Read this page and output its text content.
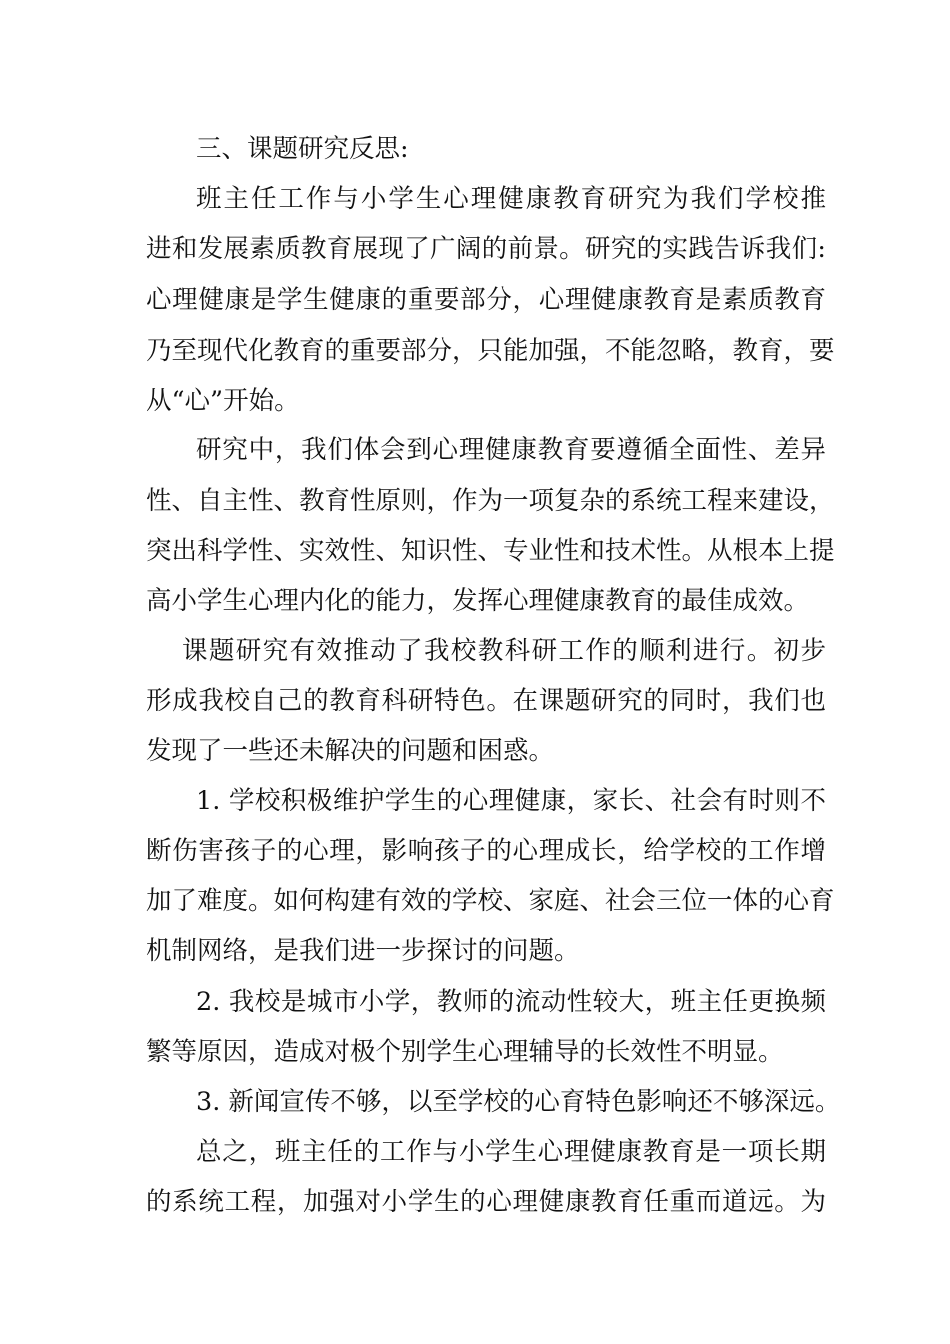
三、课题研究反思:
班主任工作与小学生心理健康教育研究为我们学校推
进和发展素质教育展现了广阔的前景。研究的实践告诉我们:
心理健康是学生健康的重要部分，心理健康教育是素质教育
乃至现代化教育的重要部分，只能加强，不能忽略，教育，要
从“心”开始。
研究中，我们体会到心理健康教育要遵循全面性、差异
性、自主性、教育性原则，作为一项复杂的系统工程来建设，
突出科学性、实效性、知识性、专业性和技术性。从根本上提
高小学生心理内化的能力，发挥心理健康教育的最佳成效。
课题研究有效推动了我校教科研工作的顺利进行。初步
形成我校自己的教育科研特色。在课题研究的同时，我们也
发现了一些还未解决的问题和困惑。
1. 学校积极维护学生的心理健康，家长、社会有时则不
断伤害孩子的心理，影响孩子的心理成长，给学校的工作增
加了难度。如何构建有效的学校、家庭、社会三位一体的心育
机制网络，是我们进一步探讨的问题。
2. 我校是城市小学，教师的流动性较大，班主任更换频
繁等原因，造成对极个别学生心理辅导的长效性不明显。
3. 新闻宣传不够，以至学校的心育特色影响还不够深远。
总之，班主任的工作与小学生心理健康教育是一项长期
的系统工程，加强对小学生的心理健康教育任重而道远。为
